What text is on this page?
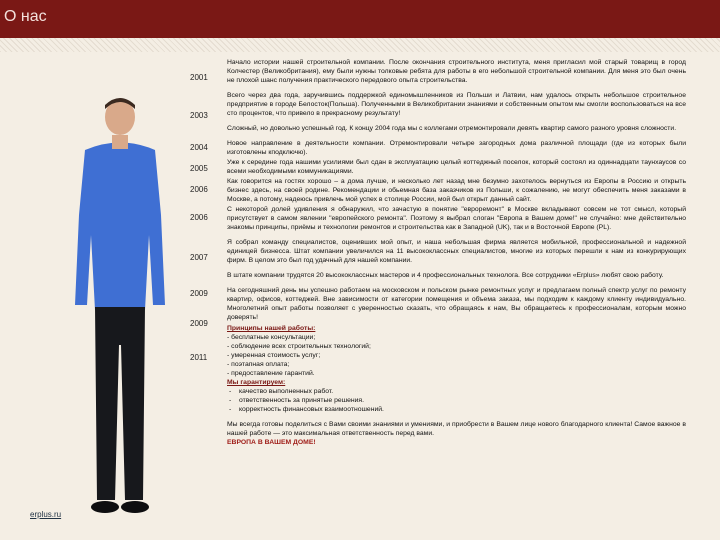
О нас
2001
2003
2004
2005
2006
2006
2007
2009
2009
2011

Начало истории нашей строительной компании. После окончания строительного института, меня пригласил мой старый товарищ в город Колчестер (Великобритания), ему были нужны толковые ребята для работы в его небольшой строительной компании. Для меня это был очень не плохой шанс получения практического передового опыта строительства.

Всего через два года, заручившись поддержкой единомышленников из Польши и Латвии, нам удалось открыть небольшое строительное предприятие в городе Белосток(Польша). Полученными в Великобритании знаниями и собственным опытом мы смогли воспользоваться на все сто процентов, что привело в прекрасному результату!

Сложный, но довольно успешный год. К концу 2004 года мы с коллегами отремонтировали девять квартир самого разного уровня сложности.

Новое направление в деятельности компании. Отремонтировали четыре загородных дома различной площади (где из которых были изготовлены кподключю).

Уже к середине года нашими усилиями был сдан в эксплуатацию целый коттеджный поселок, который состоял из одиннадцати таунхаусов со всеми необходимыми коммуникациями.

Как говорится на гостях хорошо – а дома лучше, и несколько лет назад мне безумно захотелось вернуться из Европы в Россию и открыть бизнес здесь, на своей родине. Рекомендации и обьемная база заказчиков из Польши, к сожалению, не могут обеспечить меня заказами в Москве, а потому, надеюсь привлечь мой успех в столице России, мой был открыт данный сайт.

С некоторой долей удивления я обнаружил, что зачастую в понятие "евроремонт" в Москве вкладывают совсем не тот смысл, который присутствует в самом явлении "европейского ремонта". Поэтому я выбрал слоган "Европа в Вашем доме!" не случайно: мне действительно знакомы принципы, приёмы и технологии ремонтов и строительства как в Западной (UK), так и в Восточной Европе (PL).

Я собрал команду специалистов, оценивших мой опыт, и наша небольшая фирма является мобильной, профессиональной и надежной единицей бизнесса. Штат компании увеличился на 11 высококлассных специалистов, многие из которых перешли к нам из конкурирующих фирм. В целом это был год удачный для нашей компании.

В штате компании трудятся 20 высококлассных мастеров и 4 профессиональных технолога. Все сотрудники «Erplus» любят свою работу.

На сегодняшний день мы успешно работаем на московском и польском рынке ремонтных услуг и предлагаем полный спектр услуг по ремонту квартир, офисов, коттеджей. Вне зависимости от категории помещения и объема заказа, мы подходим к каждому клиенту индивидуально. Многолетний опыт работы позволяет с уверенностью сказать, что обращаясь к нам, Вы обращаетесь к профессионалам, которым можно доверять!

Принципы нашей работы:
- бесплатные консультации;
- соблюдение всех строительных технологий;
- умеренная стоимость услуг;
- поэтапная оплата;
- предоставление гарантий.
Мы гарантируем:
- качество выполненных работ.
- ответственность за принятые решения.
- корректность финансовых взаимоотношений.
Мы всегда готовы поделиться с Вами своими знаниями и умениями, и приобрести в Вашем лице нового благодарного клиента! Самое важное в нашей работе — это максимальная ответственность перед вами.
ЕВРОПА В ВАШЕМ ДОМЕ!
erplus.ru
